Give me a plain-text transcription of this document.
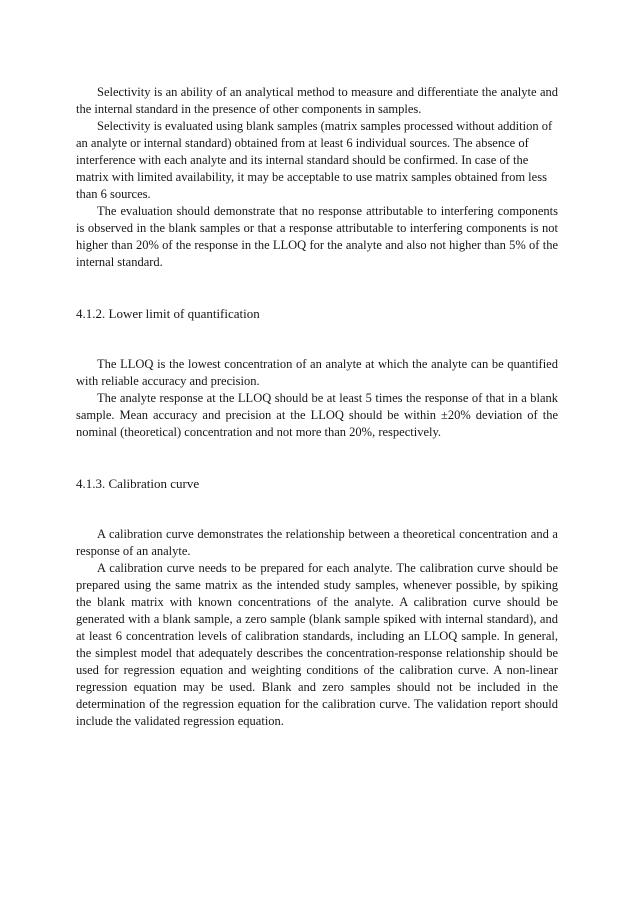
Selectivity is an ability of an analytical method to measure and differentiate the analyte and the internal standard in the presence of other components in samples.

Selectivity is evaluated using blank samples (matrix samples processed without addition of an analyte or internal standard) obtained from at least 6 individual sources. The absence of interference with each analyte and its internal standard should be confirmed. In case of the matrix with limited availability, it may be acceptable to use matrix samples obtained from less than 6 sources.

The evaluation should demonstrate that no response attributable to interfering components is observed in the blank samples or that a response attributable to interfering components is not higher than 20% of the response in the LLOQ for the analyte and also not higher than 5% of the internal standard.

4.1.2. Lower limit of quantification

The LLOQ is the lowest concentration of an analyte at which the analyte can be quantified with reliable accuracy and precision.

The analyte response at the LLOQ should be at least 5 times the response of that in a blank sample. Mean accuracy and precision at the LLOQ should be within ±20% deviation of the nominal (theoretical) concentration and not more than 20%, respectively.

4.1.3. Calibration curve

A calibration curve demonstrates the relationship between a theoretical concentration and a response of an analyte.

A calibration curve needs to be prepared for each analyte. The calibration curve should be prepared using the same matrix as the intended study samples, whenever possible, by spiking the blank matrix with known concentrations of the analyte. A calibration curve should be generated with a blank sample, a zero sample (blank sample spiked with internal standard), and at least 6 concentration levels of calibration standards, including an LLOQ sample. In general, the simplest model that adequately describes the concentration-response relationship should be used for regression equation and weighting conditions of the calibration curve. A non-linear regression equation may be used. Blank and zero samples should not be included in the determination of the regression equation for the calibration curve. The validation report should include the validated regression equation.
